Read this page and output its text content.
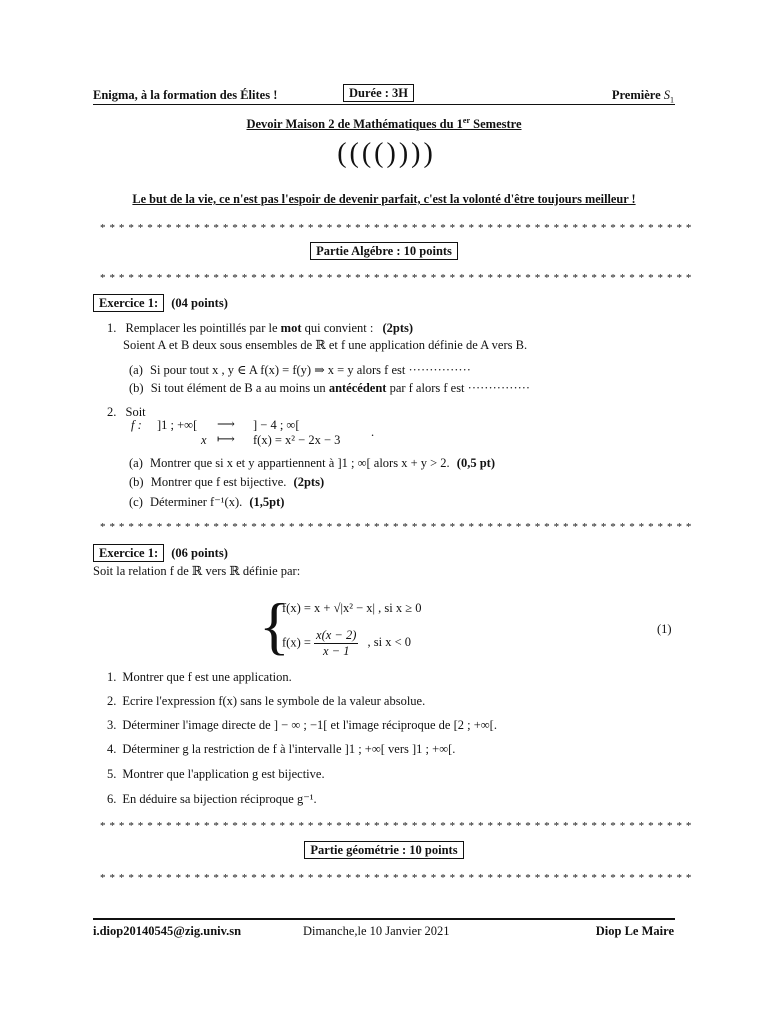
Enigma, à la formation des Élites !	Durée : 3H	Première $S_1$
Devoir Maison 2 de Mathématiques du 1er Semestre
( ( ( ( ) ) ) )
Le but de la vie, ce n'est pas l'espoir de devenir parfait, c'est la volonté d'être toujours meilleur !
* * * * * * * * * * * * * * * * * * * * * * * * * * * * * * * * * * * * * * * * * * * * * * * * * * * * * * * * * * * * * * *
Partie Algébre : 10 points
* * * * * * * * * * * * * * * * * * * * * * * * * * * * * * * * * * * * * * * * * * * * * * * * * * * * * * * * * * * * * * *
Exercice 1: (04 points)
1. Remplacer les pointillés par le mot qui convient : (2pts)
Soient A et B deux sous ensembles de ℝ et f une application définie de A vers B.
(a) Si pour tout x , y ∈ A f(x) = f(y) ⇒ x = y alors f est ···············
(b) Si tout élément de B a au moins un antécédent par f alors f est ···············
2. Soit
f : ]1 ; +∞[ ⟶ ] − 4 ; ∞[
x ⟼ f(x) = x² − 2x − 3
.
(a) Montrer que si x et y appartiennent à ]1 ; ∞[ alors x + y > 2. (0,5 pt)
(b) Montrer que f est bijective. (2pts)
(c) Déterminer f⁻¹(x). (1,5pt)
* * * * * * * * * * * * * * * * * * * * * * * * * * * * * * * * * * * * * * * * * * * * * * * * * * * * * * * * * * * * * * *
Exercice 1: (06 points)
Soit la relation f de ℝ vers ℝ définie par:
{
f(x) = x + √|x² − x| , si x ≥ 0
$f(x) = \frac{x(x - 2)}{x - 1}$ , si x < 0
(1)
1. Montrer que f est une application.
2. Ecrire l'expression f(x) sans le symbole de la valeur absolue.
3. Déterminer l'image directe de ] − ∞ ; −1[ et l'image réciproque de [2 ; +∞[.
4. Déterminer g la restriction de f à l'intervalle ]1 ; +∞[ vers ]1 ; +∞[.
5. Montrer que l'application g est bijective.
6. En déduire sa bijection réciproque g⁻¹.
* * * * * * * * * * * * * * * * * * * * * * * * * * * * * * * * * * * * * * * * * * * * * * * * * * * * * * * * * * * * * * *
Partie géométrie : 10 points
* * * * * * * * * * * * * * * * * * * * * * * * * * * * * * * * * * * * * * * * * * * * * * * * * * * * * * * * * * * * * * *
i.diop20140545@zig.univ.sn	Dimanche,le 10 Janvier 2021	Diop Le Maire
